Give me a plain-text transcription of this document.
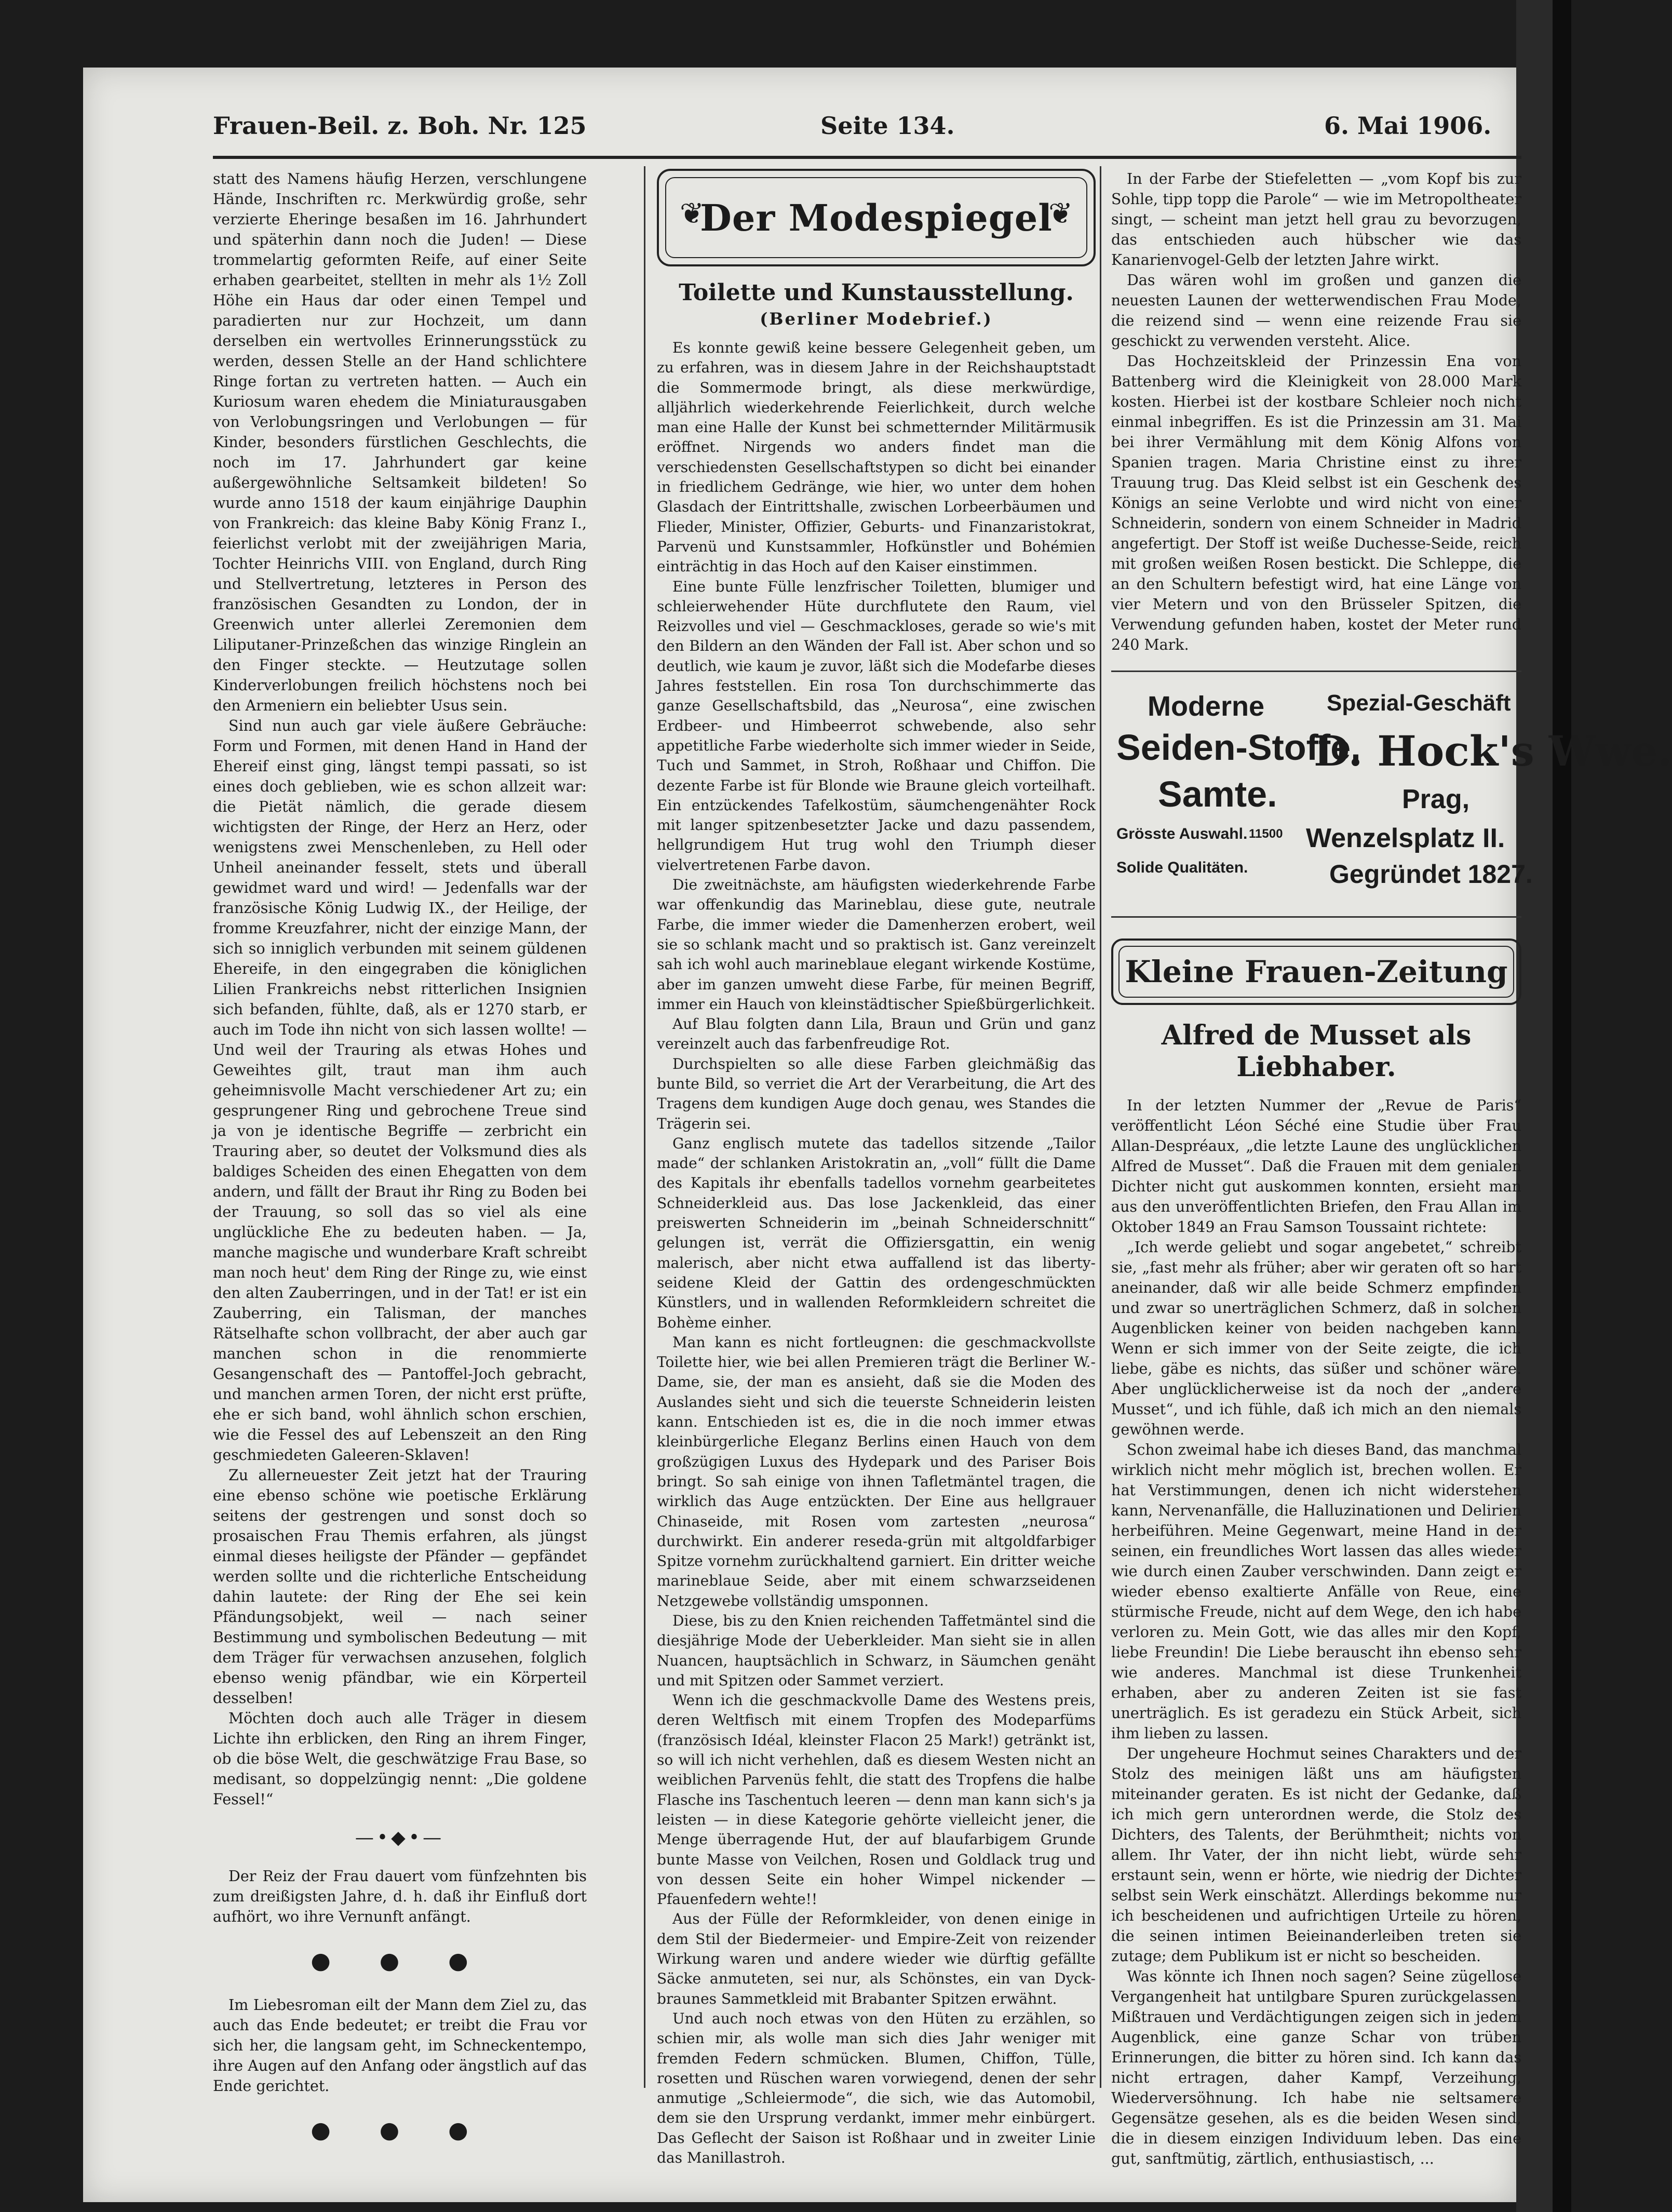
Frauen-Beil. z. Boh. Nr. 125	Seite 134.	6. Mai 1906.

statt des Namens häufig Herzen, verschlungene Hände, Inschriften rc. Merkwürdig große, sehr verzierte Eheringe besaßen im 16. Jahrhundert und späterhin dann noch die Juden! — Diese trommelartig geformten Reife, auf einer Seite erhaben gearbeitet, stellten in mehr als 1½ Zoll Höhe ein Haus dar oder einen Tempel und paradierten nur zur Hochzeit, um dann derselben ein wertvolles Erinnerungsstück zu werden, dessen Stelle an der Hand schlichtere Ringe fortan zu vertreten hatten. — Auch ein Kuriosum waren ehedem die Miniaturausgaben von Verlobungsringen und Verlobungen — für Kinder, besonders fürstlichen Geschlechts, die noch im 17. Jahrhundert gar keine außergewöhnliche Seltsamkeit bildeten! So wurde anno 1518 der kaum einjährige Dauphin von Frankreich: das kleine Baby König Franz I., feierlichst verlobt mit der zweijährigen Maria, Tochter Heinrichs VIII. von England, durch Ring und Stellvertretung, letzteres in Person des französischen Gesandten zu London, der in Greenwich unter allerlei Zeremonien dem Liliputaner-Prinzeßchen das winzige Ringlein an den Finger steckte. — Heutzutage sollen Kinderverlobungen freilich höchstens noch bei den Armeniern ein beliebter Usus sein.

Sind nun auch gar viele äußere Gebräuche: Form und Formen, mit denen Hand in Hand der Ehereif einst ging, längst tempi passati, so ist eines doch geblieben, wie es schon allzeit war: die Pietät nämlich, die gerade diesem wichtigsten der Ringe, der Herz an Herz, oder wenigstens zwei Menschenleben, zu Hell oder Unheil aneinander fesselt, stets und überall gewidmet ward und wird! — Jedenfalls war der französische König Ludwig IX., der Heilige, der fromme Kreuzfahrer, nicht der einzige Mann, der sich so inniglich verbunden mit seinem güldenen Ehereife, in den eingegraben die königlichen Lilien Frankreichs nebst ritterlichen Insignien sich befanden, fühlte, daß, als er 1270 starb, er auch im Tode ihn nicht von sich lassen wollte! — Und weil der Trauring als etwas Hohes und Geweihtes gilt, traut man ihm auch geheimnisvolle Macht verschiedener Art zu; ein gesprungener Ring und gebrochene Treue sind ja von je identische Begriffe — zerbricht ein Trauring aber, so deutet der Volksmund dies als baldiges Scheiden des einen Ehegatten von dem andern, und fällt der Braut ihr Ring zu Boden bei der Trauung, so soll das so viel als eine unglückliche Ehe zu bedeuten haben. — Ja, manche magische und wunderbare Kraft schreibt man noch heut' dem Ring der Ringe zu, wie einst den alten Zauberringen, und in der Tat! er ist ein Zauberring, ein Talisman, der manches Rätselhafte schon vollbracht, der aber auch gar manchen schon in die renommierte Gesangenschaft des — Pantoffel-Joch gebracht, und manchen armen Toren, der nicht erst prüfte, ehe er sich band, wohl ähnlich schon erschien, wie die Fessel des auf Lebenszeit an den Ring geschmiedeten Galeeren-Sklaven!

Zu allerneuester Zeit jetzt hat der Trauring eine ebenso schöne wie poetische Erklärung seitens der gestrengen und sonst doch so prosaischen Frau Themis erfahren, als jüngst einmal dieses heiligste der Pfänder — gepfändet werden sollte und die richterliche Entscheidung dahin lautete: der Ring der Ehe sei kein Pfändungsobjekt, weil — nach seiner Bestimmung und symbolischen Bedeutung — mit dem Träger für verwachsen anzusehen, folglich ebenso wenig pfändbar, wie ein Körperteil desselben!

Möchten doch auch alle Träger in diesem Lichte ihn erblicken, den Ring an ihrem Finger, ob die böse Welt, die geschwätzige Frau Base, so medisant, so doppelzüngig nennt: „Die goldene Fessel!“

—•◆•—

Der Reiz der Frau dauert vom fünfzehnten bis zum dreißigsten Jahre, d. h. daß ihr Einfluß dort aufhört, wo ihre Vernunft anfängt.

● ● ●

Im Liebesroman eilt der Mann dem Ziel zu, das auch das Ende bedeutet; er treibt die Frau vor sich her, die langsam geht, im Schneckentempo, ihre Augen auf den Anfang oder ängstlich auf das Ende gerichtet.

● ● ●
❦
Der Modespiegel
❦
Toilette und Kunstausstellung.
(Berliner Modebrief.)

Es konnte gewiß keine bessere Gelegenheit geben, um zu erfahren, was in diesem Jahre in der Reichshauptstadt die Sommermode bringt, als diese merkwürdige, alljährlich wiederkehrende Feierlichkeit, durch welche man eine Halle der Kunst bei schmetternder Militärmusik eröffnet. Nirgends wo anders findet man die verschiedensten Gesellschaftstypen so dicht bei einander in friedlichem Gedränge, wie hier, wo unter dem hohen Glasdach der Eintrittshalle, zwischen Lorbeerbäumen und Flieder, Minister, Offizier, Geburts- und Finanzaristokrat, Parvenü und Kunstsammler, Hofkünstler und Bohémien einträchtig in das Hoch auf den Kaiser einstimmen.

Eine bunte Fülle lenzfrischer Toiletten, blumiger und schleierwehender Hüte durchflutete den Raum, viel Reizvolles und viel — Geschmackloses, gerade so wie's mit den Bildern an den Wänden der Fall ist. Aber schon und so deutlich, wie kaum je zuvor, läßt sich die Modefarbe dieses Jahres feststellen. Ein rosa Ton durchschimmerte das ganze Gesellschaftsbild, das „Neurosa“, eine zwischen Erdbeer- und Himbeerrot schwebende, also sehr appetitliche Farbe wiederholte sich immer wieder in Seide, Tuch und Sammet, in Stroh, Roßhaar und Chiffon. Die dezente Farbe ist für Blonde wie Braune gleich vorteilhaft. Ein entzückendes Tafelkostüm, säumchengenähter Rock mit langer spitzenbesetzter Jacke und dazu passendem, hellgrundigem Hut trug wohl den Triumph dieser vielvertretenen Farbe davon.

Die zweitnächste, am häufigsten wiederkehrende Farbe war offenkundig das Marineblau, diese gute, neutrale Farbe, die immer wieder die Damenherzen erobert, weil sie so schlank macht und so praktisch ist. Ganz vereinzelt sah ich wohl auch marineblaue elegant wirkende Kostüme, aber im ganzen umweht diese Farbe, für meinen Begriff, immer ein Hauch von kleinstädtischer Spießbürgerlichkeit.

Auf Blau folgten dann Lila, Braun und Grün und ganz vereinzelt auch das farbenfreudige Rot.

Durchspielten so alle diese Farben gleichmäßig das bunte Bild, so verriet die Art der Verarbeitung, die Art des Tragens dem kundigen Auge doch genau, wes Standes die Trägerin sei.

Ganz englisch mutete das tadellos sitzende „Tailor made“ der schlanken Aristokratin an, „voll“ füllt die Dame des Kapitals ihr ebenfalls tadellos vornehm gearbeitetes Schneiderkleid aus. Das lose Jackenkleid, das einer preiswerten Schneiderin im „beinah Schneiderschnitt“ gelungen ist, verrät die Offiziersgattin, ein wenig malerisch, aber nicht etwa auffallend ist das liberty-seidene Kleid der Gattin des ordengeschmückten Künstlers, und in wallenden Reformkleidern schreitet die Bohème einher.

Man kann es nicht fortleugnen: die geschmackvollste Toilette hier, wie bei allen Premieren trägt die Berliner W.-Dame, sie, der man es ansieht, daß sie die Moden des Auslandes sieht und sich die teuerste Schneiderin leisten kann. Entschieden ist es, die in die noch immer etwas kleinbürgerliche Eleganz Berlins einen Hauch von dem großzügigen Luxus des Hydepark und des Pariser Bois bringt. So sah einige von ihnen Tafletmäntel tragen, die wirklich das Auge entzückten. Der Eine aus hellgrauer Chinaseide, mit Rosen vom zartesten „neurosa“ durchwirkt. Ein anderer reseda-grün mit altgoldfarbiger Spitze vornehm zurückhaltend garniert. Ein dritter weiche marineblaue Seide, aber mit einem schwarzseidenen Netzgewebe vollständig umsponnen.

Diese, bis zu den Knien reichenden Taffetmäntel sind die diesjährige Mode der Ueberkleider. Man sieht sie in allen Nuancen, hauptsächlich in Schwarz, in Säumchen genäht und mit Spitzen oder Sammet verziert.

Wenn ich die geschmackvolle Dame des Westens preis, deren Weltfisch mit einem Tropfen des Modeparfüms (französisch Idéal, kleinster Flacon 25 Mark!) getränkt ist, so will ich nicht verhehlen, daß es diesem Westen nicht an weiblichen Parvenüs fehlt, die statt des Tropfens die halbe Flasche ins Taschentuch leeren — denn man kann sich's ja leisten — in diese Kategorie gehörte vielleicht jener, die Menge überragende Hut, der auf blaufarbigem Grunde bunte Masse von Veilchen, Rosen und Goldlack trug und von dessen Seite ein hoher Wimpel nickender — Pfauenfedern wehte!!

Aus der Fülle der Reformkleider, von denen einige in dem Stil der Biedermeier- und Empire-Zeit von reizender Wirkung waren und andere wieder wie dürftig gefällte Säcke anmuteten, sei nur, als Schönstes, ein van Dyck-braunes Sammetkleid mit Brabanter Spitzen erwähnt.

Und auch noch etwas von den Hüten zu erzählen, so schien mir, als wolle man sich dies Jahr weniger mit fremden Federn schmücken. Blumen, Chiffon, Tülle, rosetten und Rüschen waren vorwiegend, denen der sehr anmutige „Schleiermode“, die sich, wie das Automobil, dem sie den Ursprung verdankt, immer mehr einbürgert. Das Geflecht der Saison ist Roßhaar und in zweiter Linie das Manillastroh.

In der Farbe der Stiefeletten — „vom Kopf bis zur Sohle, tipp topp die Parole“ — wie im Metropoltheater singt, — scheint man jetzt hell grau zu bevorzugen, das entschieden auch hübscher wie das Kanarienvogel-Gelb der letzten Jahre wirkt.

Das wären wohl im großen und ganzen die neuesten Launen der wetterwendischen Frau Mode, die reizend sind — wenn eine reizende Frau sie geschickt zu verwenden versteht. Alice.

Das Hochzeitskleid der Prinzessin Ena von Battenberg wird die Kleinigkeit von 28.000 Mark kosten. Hierbei ist der kostbare Schleier noch nicht einmal inbegriffen. Es ist die Prinzessin am 31. Mai bei ihrer Vermählung mit dem König Alfons von Spanien tragen. Maria Christine einst zu ihrer Trauung trug. Das Kleid selbst ist ein Geschenk des Königs an seine Verlobte und wird nicht von einer Schneiderin, sondern von einem Schneider in Madrid angefertigt. Der Stoff ist weiße Duchesse-Seide, reich mit großen weißen Rosen bestickt. Die Schleppe, die an den Schultern befestigt wird, hat eine Länge von vier Metern und von den Brüsseler Spitzen, die Verwendung gefunden haben, kostet der Meter rund 240 Mark.

Moderne
Seiden-Stoffe,
Samte.
Grösste Auswahl.
Solide Qualitäten.
11500
Spezial-Geschäft
D. Hock's Wwe.
Prag,
Wenzelsplatz II.
Gegründet 1827.
Kleine Frauen-Zeitung
Alfred de Musset als Liebhaber.

In der letzten Nummer der „Revue de Paris“ veröffentlicht Léon Séché eine Studie über Frau Allan-Despréaux, „die letzte Laune des unglücklichen Alfred de Musset“. Daß die Frauen mit dem genialen Dichter nicht gut auskommen konnten, ersieht man aus den unveröffentlichten Briefen, den Frau Allan im Oktober 1849 an Frau Samson Toussaint richtete:

„Ich werde geliebt und sogar angebetet,“ schreibt sie, „fast mehr als früher; aber wir geraten oft so hart aneinander, daß wir alle beide Schmerz empfinden und zwar so unerträglichen Schmerz, daß in solchen Augenblicken keiner von beiden nachgeben kann. Wenn er sich immer von der Seite zeigte, die ich liebe, gäbe es nichts, das süßer und schöner wäre. Aber unglücklicherweise ist da noch der „andere Musset“, und ich fühle, daß ich mich an den niemals gewöhnen werde.

Schon zweimal habe ich dieses Band, das manchmal wirklich nicht mehr möglich ist, brechen wollen. Er hat Verstimmungen, denen ich nicht widerstehen kann, Nervenanfälle, die Halluzinationen und Delirien herbeiführen. Meine Gegenwart, meine Hand in der seinen, ein freundliches Wort lassen das alles wieder wie durch einen Zauber verschwinden. Dann zeigt er wieder ebenso exaltierte Anfälle von Reue, eine stürmische Freude, nicht auf dem Wege, den ich habe verloren zu. Mein Gott, wie das alles mir den Kopf, liebe Freundin! Die Liebe berauscht ihn ebenso sehr wie anderes. Manchmal ist diese Trunkenheit erhaben, aber zu anderen Zeiten ist sie fast unerträglich. Es ist geradezu ein Stück Arbeit, sich ihm lieben zu lassen.

Der ungeheure Hochmut seines Charakters und der Stolz des meinigen läßt uns am häufigsten miteinander geraten. Es ist nicht der Gedanke, daß ich mich gern unterordnen werde, die Stolz des Dichters, des Talents, der Berühmtheit; nichts von allem. Ihr Vater, der ihn nicht liebt, würde sehr erstaunt sein, wenn er hörte, wie niedrig der Dichter selbst sein Werk einschätzt. Allerdings bekomme nur ich bescheidenen und aufrichtigen Urteile zu hören, die seinen intimen Beieinanderleiben treten sie zutage; dem Publikum ist er nicht so bescheiden.

Was könnte ich Ihnen noch sagen? Seine zügellose Vergangenheit hat untilgbare Spuren zurückgelassen. Mißtrauen und Verdächtigungen zeigen sich in jedem Augenblick, eine ganze Schar von trüben Erinnerungen, die bitter zu hören sind. Ich kann das nicht ertragen, daher Kampf, Verzeihung, Wiederversöhnung. Ich habe nie seltsamere Gegensätze gesehen, als es die beiden Wesen sind, die in diesem einzigen Individuum leben. Das eine gut, sanftmütig, zärtlich, enthusiastisch, ...
